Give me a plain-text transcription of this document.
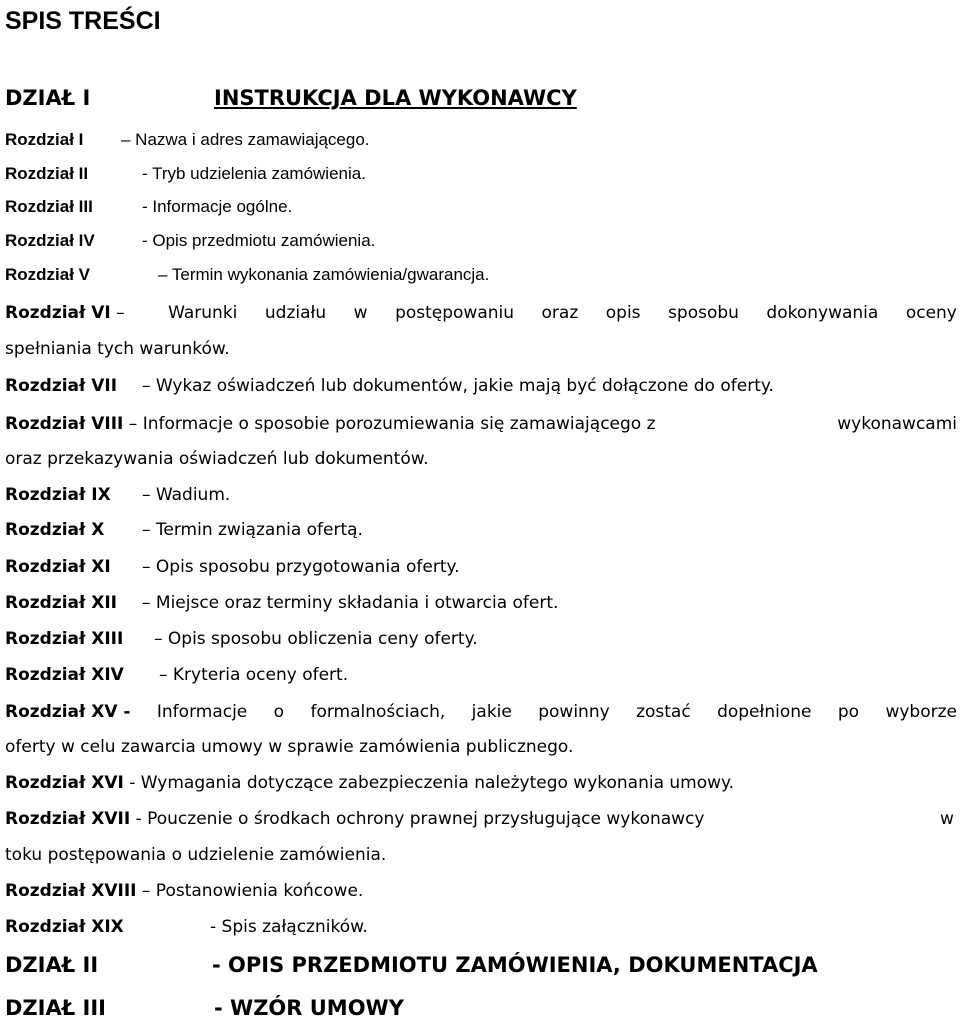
SPIS TREŚCI
DZIAŁ I	INSTRUKCJA DLA WYKONAWCY
Rozdział I – Nazwa i adres zamawiającego.
Rozdział II	- Tryb udzielenia zamówienia.
Rozdział III	- Informacje ogólne.
Rozdział IV	- Opis przedmiotu zamówienia.
Rozdział V	– Termin wykonania zamówienia/gwarancja.
Rozdział VI –	Warunki udziału w postępowaniu oraz opis sposobu dokonywania oceny
spełniania tych warunków.
Rozdział VII – Wykaz oświadczeń lub dokumentów, jakie mają być dołączone do oferty.
Rozdział VIII – Informacje o sposobie porozumiewania się zamawiającego z	wykonawcami
oraz przekazywania oświadczeń lub dokumentów.
Rozdział IX – Wadium.
Rozdział X – Termin związania ofertą.
Rozdział XI – Opis sposobu przygotowania oferty.
Rozdział XII – Miejsce oraz terminy składania i otwarcia ofert.
Rozdział XIII – Opis sposobu obliczenia ceny oferty.
Rozdział XIV – Kryteria oceny ofert.
Rozdział XV - Informacje o formalnościach, jakie powinny zostać dopełnione po wyborze
oferty w celu zawarcia umowy w sprawie zamówienia publicznego.
Rozdział XVI - Wymagania dotyczące zabezpieczenia należytego wykonania umowy.
Rozdział XVII - Pouczenie o środkach ochrony prawnej przysługujące wykonawcy	w
toku postępowania o udzielenie zamówienia.
Rozdział XVIII – Postanowienia końcowe.
Rozdział XIX	- Spis załączników.
DZIAŁ II	- OPIS PRZEDMIOTU ZAMÓWIENIA, DOKUMENTACJA
DZIAŁ III	- WZÓR UMOWY
